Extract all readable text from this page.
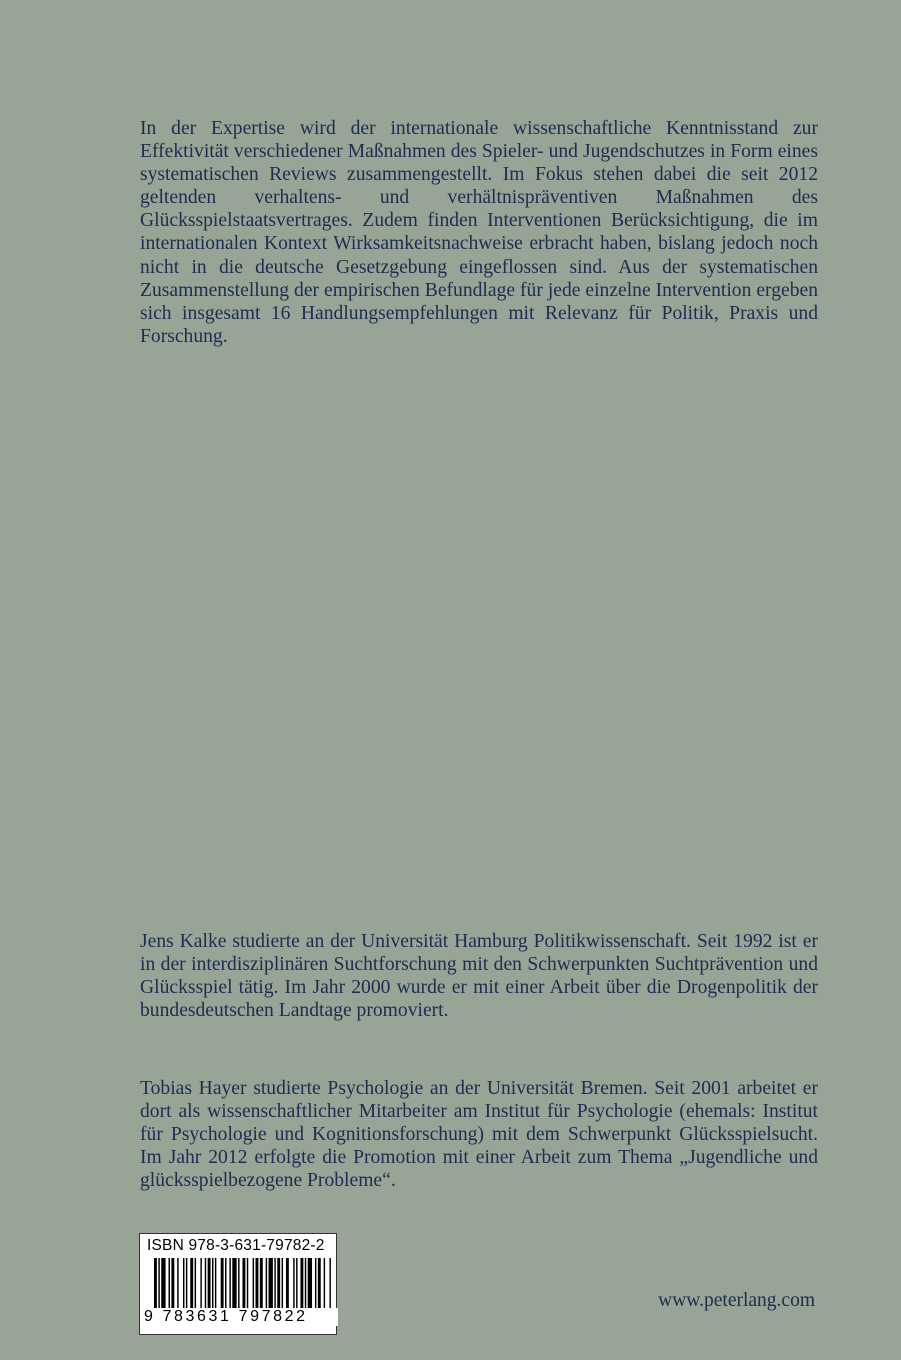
In der Expertise wird der internationale wissenschaftliche Kenntnisstand zur Effektivität verschiedener Maßnahmen des Spieler- und Jugendschutzes in Form eines systematischen Reviews zusammengestellt. Im Fokus stehen dabei die seit 2012 geltenden verhaltens- und verhältnispräventiven Maßnahmen des Glücksspielstaatsvertrages. Zudem finden Interventionen Berücksichtigung, die im internationalen Kontext Wirksamkeitsnachweise erbracht haben, bislang jedoch noch nicht in die deutsche Gesetzgebung eingeflossen sind. Aus der systematischen Zusammenstellung der empirischen Befundlage für jede einzelne Intervention ergeben sich insgesamt 16 Handlungsempfehlungen mit Relevanz für Politik, Praxis und Forschung.

Jens Kalke studierte an der Universität Hamburg Politikwissenschaft. Seit 1992 ist er in der interdisziplinären Suchtforschung mit den Schwerpunkten Suchtprävention und Glücksspiel tätig. Im Jahr 2000 wurde er mit einer Arbeit über die Drogenpolitik der bundesdeutschen Landtage promoviert.

Tobias Hayer studierte Psychologie an der Universität Bremen. Seit 2001 arbeitet er dort als wissenschaftlicher Mitarbeiter am Institut für Psychologie (ehemals: Institut für Psychologie und Kognitionsforschung) mit dem Schwerpunkt Glücksspielsucht. Im Jahr 2012 erfolgte die Promotion mit einer Arbeit zum Thema „Jugendliche und glücksspielbezogene Probleme“.

ISBN 978-3-631-79782-2
9 783631 797822
www.peterlang.com
